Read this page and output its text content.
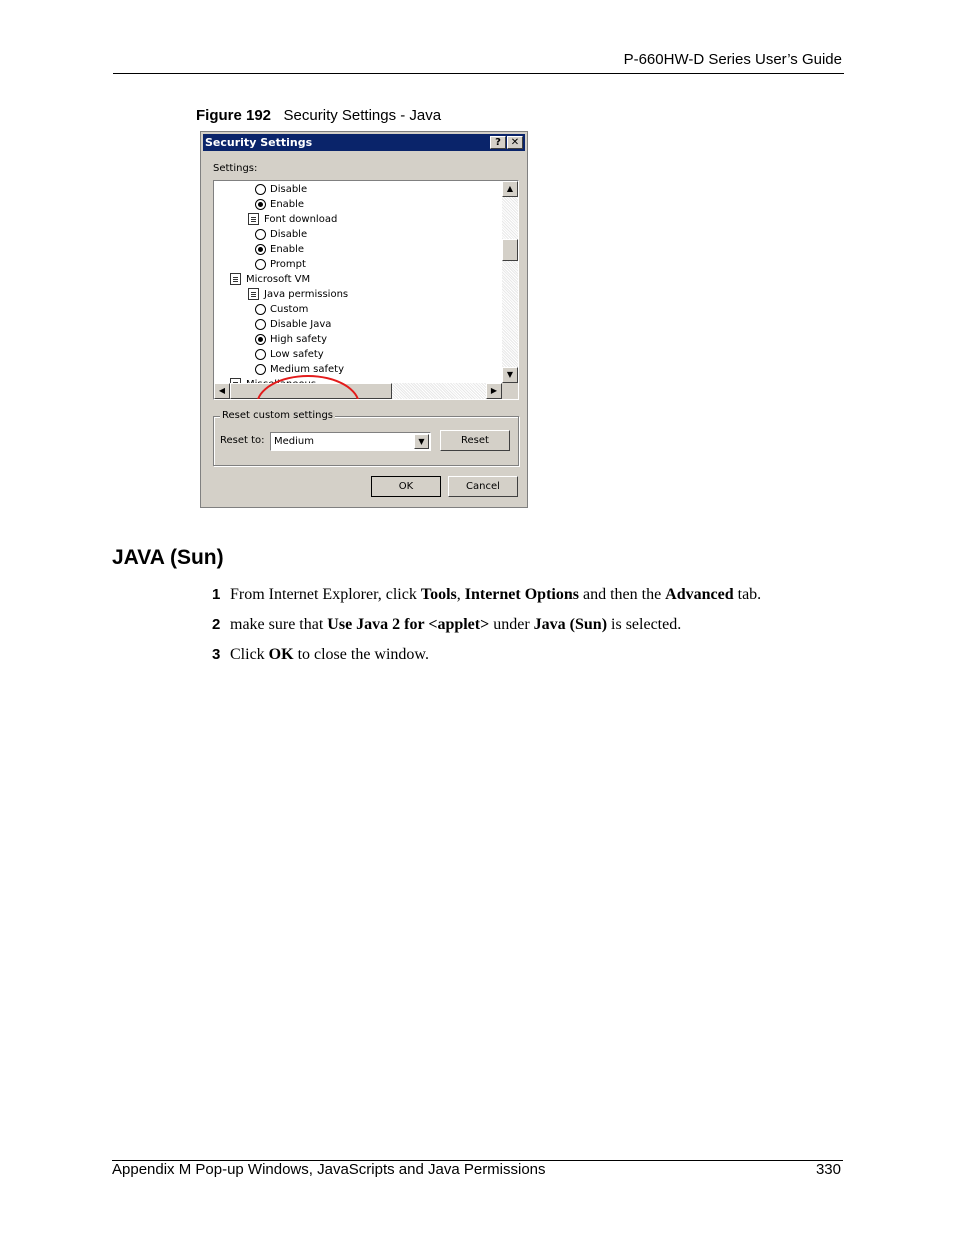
P-660HW-D Series User’s Guide
Figure 192 Security Settings - Java
Security Settings	? ✕
Settings:
Disable
Enable
Font download
Disable
Enable
Prompt
Microsoft VM
Java permissions
Custom
Disable Java
High safety
Low safety
Medium safety
▲
▼
◀	▶
Reset custom settings
Reset to: Medium	▼	Reset
OK	Cancel
JAVA (Sun)
1 From Internet Explorer, click Tools, Internet Options and then the Advanced tab.
2 make sure that Use Java 2 for <applet> under Java (Sun) is selected.
3 Click OK to close the window.
Appendix M Pop-up Windows, JavaScripts and Java Permissions	330
